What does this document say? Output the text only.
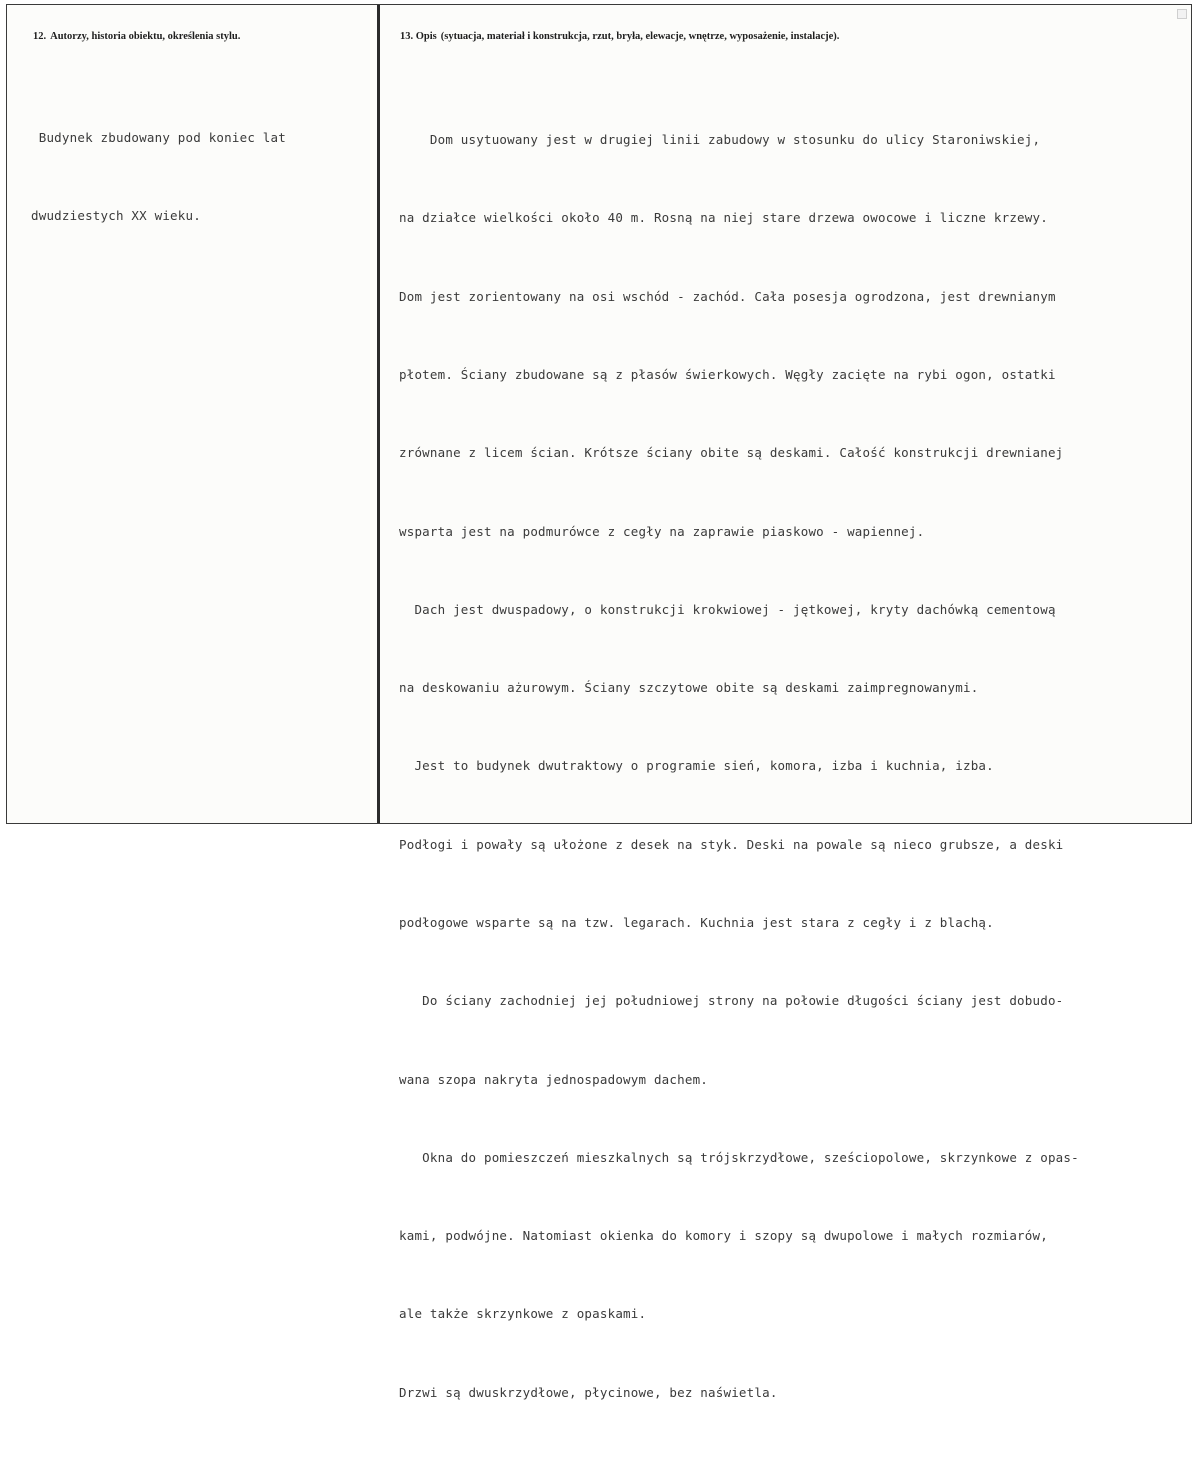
12. Autorzy, historia obiektu, określenia stylu.	13. Opis (sytuacja, materiał i konstrukcja, rzut, bryła, elewacje, wnętrze, wyposażenie, instalacje).

Budynek zbudowany pod koniec lat

dwudziestych XX wieku.

Dom usytuowany jest w drugiej linii zabudowy w stosunku do ulicy Staroniwskiej,

na działce wielkości około 40 m. Rosną na niej stare drzewa owocowe i liczne krzewy.

Dom jest zorientowany na osi wschód - zachód. Cała posesja ogrodzona, jest drewnianym

płotem. Ściany zbudowane są z płasów świerkowych. Węgły zacięte na rybi ogon, ostatki

zrównane z licem ścian. Krótsze ściany obite są deskami. Całość konstrukcji drewnianej

wsparta jest na podmurówce z cegły na zaprawie piaskowo - wapiennej.

Dach jest dwuspadowy, o konstrukcji krokwiowej - jętkowej, kryty dachówką cementową

na deskowaniu ażurowym. Ściany szczytowe obite są deskami zaimpregnowanymi.

Jest to budynek dwutraktowy o programie sień, komora, izba i kuchnia, izba.

Podłogi i powały są ułożone z desek na styk. Deski na powale są nieco grubsze, a deski

podłogowe wsparte są na tzw. legarach. Kuchnia jest stara z cegły i z blachą.

Do ściany zachodniej jej południowej strony na połowie długości ściany jest dobudo-

wana szopa nakryta jednospadowym dachem.

Okna do pomieszczeń mieszkalnych są trójskrzydłowe, sześciopolowe, skrzynkowe z opas-

kami, podwójne. Natomiast okienka do komory i szopy są dwupolowe i małych rozmiarów,

ale także skrzynkowe z opaskami.

Drzwi są dwuskrzydłowe, płycinowe, bez naświetla.
